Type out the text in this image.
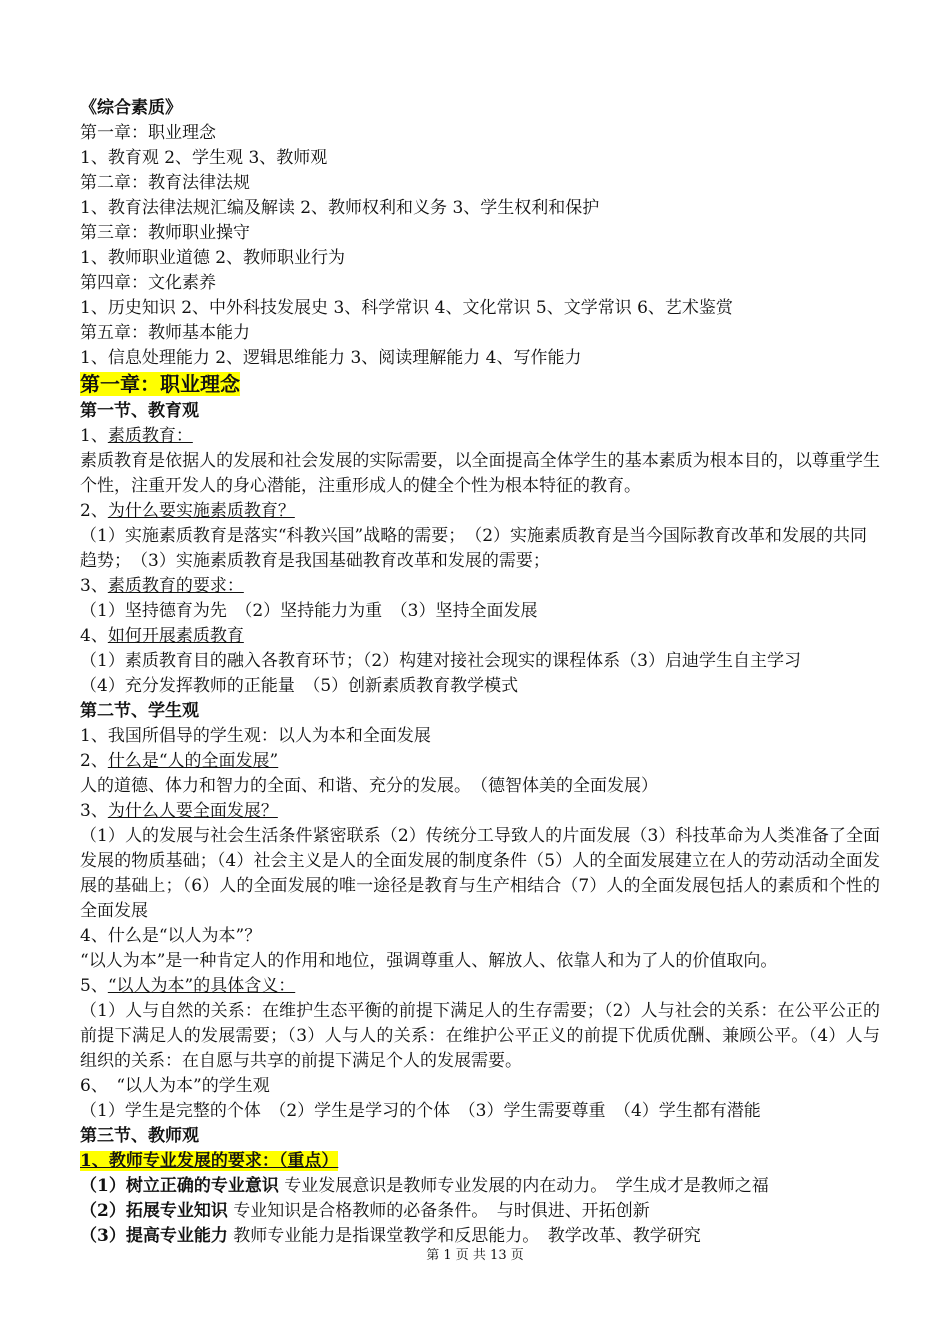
《综合素质》
第一章：职业理念
1、教育观 2、学生观 3、教师观
第二章：教育法律法规
1、教育法律法规汇编及解读 2、教师权利和义务 3、学生权利和保护
第三章：教师职业操守
1、教师职业道德 2、教师职业行为
第四章：文化素养
1、历史知识 2、中外科技发展史 3、科学常识 4、文化常识 5、文学常识 6、艺术鉴赏
第五章：教师基本能力
1、信息处理能力 2、逻辑思维能力 3、阅读理解能力 4、写作能力
第一章：职业理念
第一节、教育观
1、素质教育：
素质教育是依据人的发展和社会发展的实际需要，以全面提高全体学生的基本素质为根本目的，以尊重学生个性，注重开发人的身心潜能，注重形成人的健全个性为根本特征的教育。
2、为什么要实施素质教育？
（1）实施素质教育是落实“科教兴国”战略的需要；　（2）实施素质教育是当今国际教育改革和发展的共同趋势；　（3）实施素质教育是我国基础教育改革和发展的需要；
3、素质教育的要求：
（1）坚持德育为先　（2）坚持能力为重　（3）坚持全面发展
4、如何开展素质教育
（1）素质教育目的融入各教育环节；（2）构建对接社会现实的课程体系（3）启迪学生自主学习
（4）充分发挥教师的正能量　（5）创新素质教育教学模式
第二节、学生观
1、我国所倡导的学生观：以人为本和全面发展
2、什么是“人的全面发展”
人的道德、体力和智力的全面、和谐、充分的发展。　（德智体美的全面发展）
3、为什么人要全面发展？
（1）人的发展与社会生活条件紧密联系（2）传统分工导致人的片面发展（3）科技革命为人类准备了全面发展的物质基础；（4）社会主义是人的全面发展的制度条件（5）人的全面发展建立在人的劳动活动全面发展的基础上；（6）人的全面发展的唯一途径是教育与生产相结合（7）人的全面发展包括人的素质和个性的全面发展
4、什么是“以人为本”？
“以人为本”是一种肯定人的作用和地位，强调尊重人、解放人、依靠人和为了人的价值取向。
5、“以人为本”的具体含义：
（1）人与自然的关系：在维护生态平衡的前提下满足人的生存需要；（2）人与社会的关系：在公平公正的前提下满足人的发展需要；（3）人与人的关系：在维护公平正义的前提下优质优酬、兼顾公平。（4）人与组织的关系：在自愿与共享的前提下满足个人的发展需要。
6、　“以人为本”的学生观
（1）学生是完整的个体　（2）学生是学习的个体　（3）学生需要尊重　（4）学生都有潜能
第三节、教师观
1、教师专业发展的要求：（重点）
（1）树立正确的专业意识 专业发展意识是教师专业发展的内在动力。　学生成才是教师之福
（2）拓展专业知识 专业知识是合格教师的必备条件。　与时俱进、开拓创新
（3）提高专业能力 教师专业能力是指课堂教学和反思能力。　教学改革、教学研究
第 1 页 共 13 页
